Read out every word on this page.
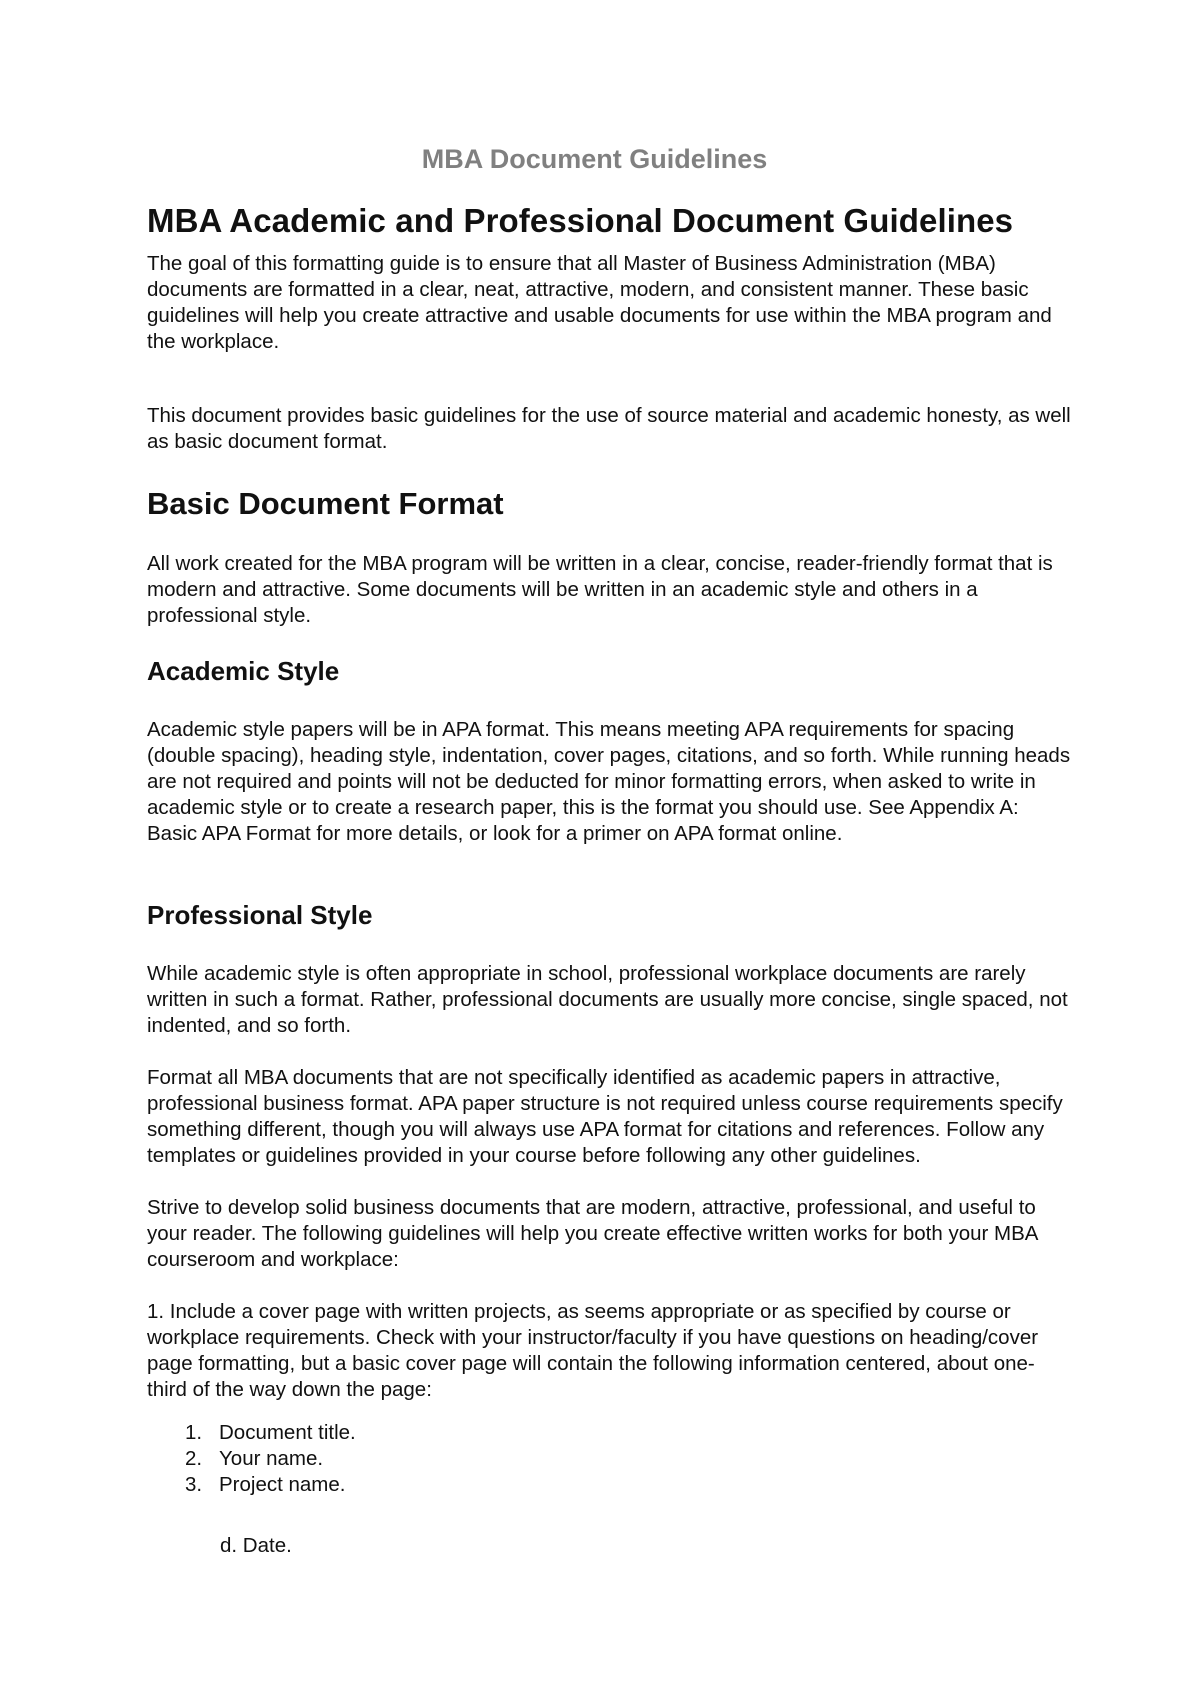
MBA Document Guidelines
MBA Academic and Professional Document Guidelines

The goal of this formatting guide is to ensure that all Master of Business Administration (MBA) documents are formatted in a clear, neat, attractive, modern, and consistent manner. These basic guidelines will help you create attractive and usable documents for use within the MBA program and the workplace.

This document provides basic guidelines for the use of source material and academic honesty, as well as basic document format.

Basic Document Format

All work created for the MBA program will be written in a clear, concise, reader-friendly format that is modern and attractive. Some documents will be written in an academic style and others in a professional style.

Academic Style

Academic style papers will be in APA format. This means meeting APA requirements for spacing (double spacing), heading style, indentation, cover pages, citations, and so forth. While running heads are not required and points will not be deducted for minor formatting errors, when asked to write in academic style or to create a research paper, this is the format you should use. See Appendix A: Basic APA Format for more details, or look for a primer on APA format online.

Professional Style

While academic style is often appropriate in school, professional workplace documents are rarely written in such a format. Rather, professional documents are usually more concise, single spaced, not indented, and so forth.

Format all MBA documents that are not specifically identified as academic papers in attractive, professional business format. APA paper structure is not required unless course requirements specify something different, though you will always use APA format for citations and references. Follow any templates or guidelines provided in your course before following any other guidelines.

Strive to develop solid business documents that are modern, attractive, professional, and useful to your reader. The following guidelines will help you create effective written works for both your MBA courseroom and workplace:

1. Include a cover page with written projects, as seems appropriate or as specified by course or workplace requirements. Check with your instructor/faculty if you have questions on heading/cover page formatting, but a basic cover page will contain the following information centered, about one-third of the way down the page:

1. Document title.
2. Your name.
3. Project name.
d. Date.
